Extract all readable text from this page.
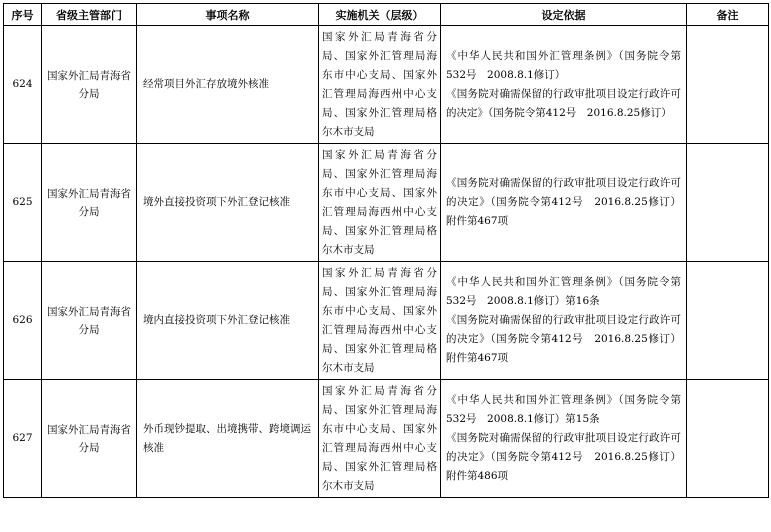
序号	省级主管部门	事项名称	实施机关（层级）	设定依据	备注
624	国家外汇局青海省分局	经常项目外汇存放境外核准	国家外汇局青海省分局、国家外汇管理局海东市中心支局、国家外汇管理局海西州中心支局、国家外汇管理局格尔木市支局	《中华人民共和国外汇管理条例》（国务院令第532号　2008.8.1修订）
《国务院对确需保留的行政审批项目设定行政许可的决定》（国务院令第412号　2016.8.25修订）	

625	国家外汇局青海省分局	境外直接投资项下外汇登记核准	国家外汇局青海省分局、国家外汇管理局海东市中心支局、国家外汇管理局海西州中心支局、国家外汇管理局格尔木市支局	《国务院对确需保留的行政审批项目设定行政许可的决定》（国务院令第412号　2016.8.25修订）附件第467项	

626	国家外汇局青海省分局	境内直接投资项下外汇登记核准	国家外汇局青海省分局、国家外汇管理局海东市中心支局、国家外汇管理局海西州中心支局、国家外汇管理局格尔木市支局	《中华人民共和国外汇管理条例》（国务院令第532号　2008.8.1修订）第16条
《国务院对确需保留的行政审批项目设定行政许可的决定》（国务院令第412号　2016.8.25修订）附件第467项	

627	国家外汇局青海省分局	外币现钞提取、出境携带、跨境调运核准	国家外汇局青海省分局、国家外汇管理局海东市中心支局、国家外汇管理局海西州中心支局、国家外汇管理局格尔木市支局	《中华人民共和国外汇管理条例》（国务院令第532号　2008.8.1修订）第15条
《国务院对确需保留的行政审批项目设定行政许可的决定》（国务院令第412号　2016.8.25修订）附件第486项	
